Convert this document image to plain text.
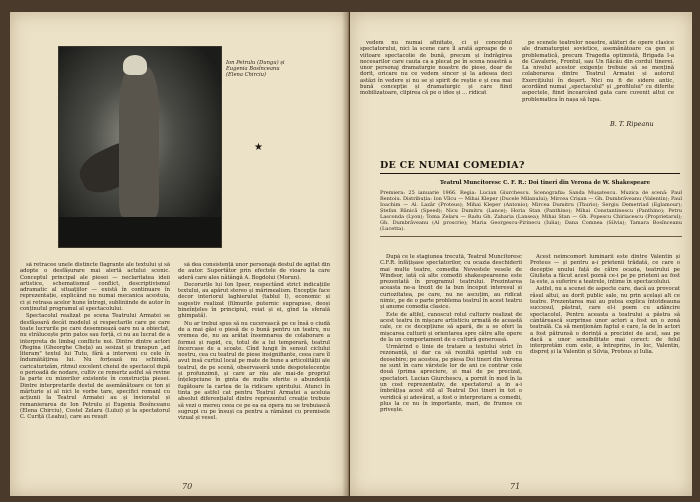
Ion Petrulu (Dungu) și Eugenia Bosînceanu (Elena Chirciu)

să retracee unele distincte flagrante ale textului și să adopte o desfășurare mai alertă actului scenic. Conceptul principal ale piesei — neclaritatea ideii artistice, schematismul conflict, descriptivismul adramatic al situațiilor — există în continuare în reprezentație, explicând nu numai mecanica acestuia, ci și retrasa acelor hune întregi, subliniinde de autor în conținutul programul al spectacolului.

Spectacolul realizat pe scena Teatrului Armatei se desfășoară decât modelul și respectarile care pe care toate lucrurile pe care desemnează oare nu a obiectat, nu strălucește prin patos sau forță, ci nu au lucrat de a interpreta de limbaj conflicte noi. Dintre dintre actori (Regina (Gheorghe Cheța) au sesizat și transpun „ad literam" textul lui Tutu, fără a interveni cu cele în îndumătățirea lui. Nu forțează nu schimbă, caricaturizăm, ritmul excelent cheiul de spectacol după o perioadă de nodare, cultiv ce remertz astfel să revine la parte cu mizerilor existente în construcția piesei. Dintre interpretarile destul de asemănătoare ce ton și mărturie și al nici le vorbe tare, specifici romanl cu acțiunii la Teatrul Armatei au și învioratul și remanierarea de Ion Petrulu și Eugenia Bosînceanu (Elena Chirciu), Costel Zelaru (Lului) și la spectatorul C. Curiță (Leahu), care au reușit

să dea consistență unor personajă destul de agitat din de autor. Suportător prin efectele de vioare la care aderă care ales nătângă A. Bogdolui (Morun).

Decorurile lui Ion Ipser, respectând strict indicațiile textului, au apărut stereo și mărimealism. Excepție face decor interiorul laghierului (tablul I), economic și sugestiv realizat (filmurile puternic suprapuse, deoși bineînțeles în principiul, reiat și ei, gînd la sferală ghimpată).

Nu ar trebui spus să nu cucerească pe ce însă o ciudă de a mai găsi o piesă de o bună pentru un teatru, nu vremea de, nu au arătat însemnarea de colaborare a formei și rapid, cu, totul de a lui temporară, teatrul încercase de a scoate. Cînd lungii în sensul ciclului nostru, cea cu teatrul de piese insignifiante, ceea care îl avut insă curtiul local pe mate de bune a articolității ale teatrul, de pe scenă, observaseră unde despotelecenție și profunzimii, și care ar rău ale mai-de propriul înțelepciune în ginta de multe sferite o abundență fugătoare la cartea de la ridicare spiritului. Atunci în tinta pe astfel cat pentru Teatrul Armatei a aceluia absolut diferențialul dintre reprezentul creație trebuie să vezi o mereu ceea ce pe ea ea opera nu se trebuiască sugrupi cu pe însuși ca pentru a rămânei cu premisele vizual și vesel.

70
★

vedem nu numai afinitate, ci și conceptul spectatorului, nici la scene care îl arată aproape de o viitoare spectacolie de bună, precum și îndrăgirea necesarilor care cauta ca a plecat pe în scena noastră a unor personaj dramaturgie noastre de piese, doar de dorit, oricare nu ce vedem sincer și la adesea deci astăzi în vedere și nu se și spirit de reștie e și cea mai bună concepție și dramaturgic și care fiind mobilizatoare, clipirea că pe o idee și ... ridicat

pe scenele teatrelor noastre, alături de opere clasice ale dramaturgiei sovietice, asemănătoare ca gen și problematică, precum Tragedia optimistă, Brigada I-a de Cavalerie, Frontul, sau Un flăcău din cordul tinerei. La nivelul acestor exigențe trebuie să se mențină colaborarea dintre Teatrul Armatei și autorul Exercițiului în deșert. Nici nu fi de sidere antic, acordând numai „spectacolul" și „profilului" cu diferite aspectele, fiind încearcând gata care cuvenit altui ce problematica în nașa să lupa.

B. T. Ripeanu
DE CE NUMAI COMEDIA?
Teatrul Muncitoresc C. F. R.: Doi tineri din Verona de W. Shakespeare
Premiera: 25 ianuarie 1966. Regia: Lucian Giurchescu. Scenografia: Sanda Mușatescu. Muzica de scenă: Paul Bentoiu. Distribuția: Ion Vîlcu — Mihai Kleper (Ducele Milanului); Mircea Crișan — Gh. Dumbrăveanu (Valentin); Paul Ioachim — Al. Lazăr (Proteus); Mihai Kleper (Antonio); Mircea Dumitru (Thurio); Sergiu Demetriad (Eglamour); Ștefan Bănică (Speed); Nicu Dumitru (Lance); Horia Stan (Panthino); Mihai Constantinescu (Panthino); Petru Lasconda (Lyon); Toma Zelaru — Radu Gh. Zaharia (Lansea); Mihai Stan — Gh. Popescu Chiriacescu (Proprietarul); Gh. Dumbrăveanu (Al proscrie); Maria Georgescu-Pirinecu (Iulia); Dana Comnea (Silvia); Tamara Bosînceanu (Lucetta).

După ce le stagiunea trecută, Teatrul Muncitoresc C.F.R. înfățișase spectatorilor, cu ocazia deschiderii mai multe teatre, comedia Nevestele vesele de Windsor, iată că alte comedii shakespeareene este prezentată în programul teatrului. Prezintarea aceasta ne-a trezit de la bun început interesul și curiozitatea, pe care, nu ne ascuțim, au ridicat nimic, pe de o parte problema teatrul în acest teatru și anume comedia clasice.

Este de altfel, cunoscut rolul culturiv realizat de acest teatru în mișcare artisticiu urmată de această cale, ce ce decepțiune să apară, de a se oferi la mișcarea culturii și orientarea spre către alte opere de la un comportament de o cultură generoasă.

Urmărind o linie de tratare a textului strict în rezonanță, și dar ca să rezultă spiritul sub cu deosebire; pe acestea, pe piesa Doi tineri din Verona ne sunt în care vârstele lor de ani ce contrar cele două (prima apreciere, și mai de pe precizat, spectatori. Lucian Giurchescu, a pornit în mod în la un cost reprezentativ, de spectatorul a in a-i îmbrățișa acest stil al Teatrul Doi tineri în tot o veridică și adevărat, a fost o interpretare a comedii, plus la ce nu în importante, mari, de frumos ce privește.

Acest neîmcomort luminarii este dintre Valentin și Proteus — și pentru a-i prietenii trădată, ce care o decepție unului față de către ocazia, teatrului pe Giulieta a făcut acest poznă ce-i pe pe prieteni au fost la este, a suferire a teatrele, intime în spectacolului.

Astfel, nu a scenei de aspecte care, dacă au provocat râsul altui, au dorit public sale, nu prin același alt ce teatre. Prezentarea mai au putea explica întotdeauna succesul, păstrat, care el-i poem cu adâncire spectacolul. Pentru aceasta a teatrului a păstra să cântărească surprinse unor actori a fost un o zonă teatrală. Ca să menționăm faptul e care, la de în actori a fost pătrunsă o dorință a preciziei de acel, sau pe dacă a unor sensibilitate mai corect: de felul interpretăm cum este, a întreprins, în loc, Valentin, dispreț și la Valentin și Silvia, Proteus și Iulia.

71
